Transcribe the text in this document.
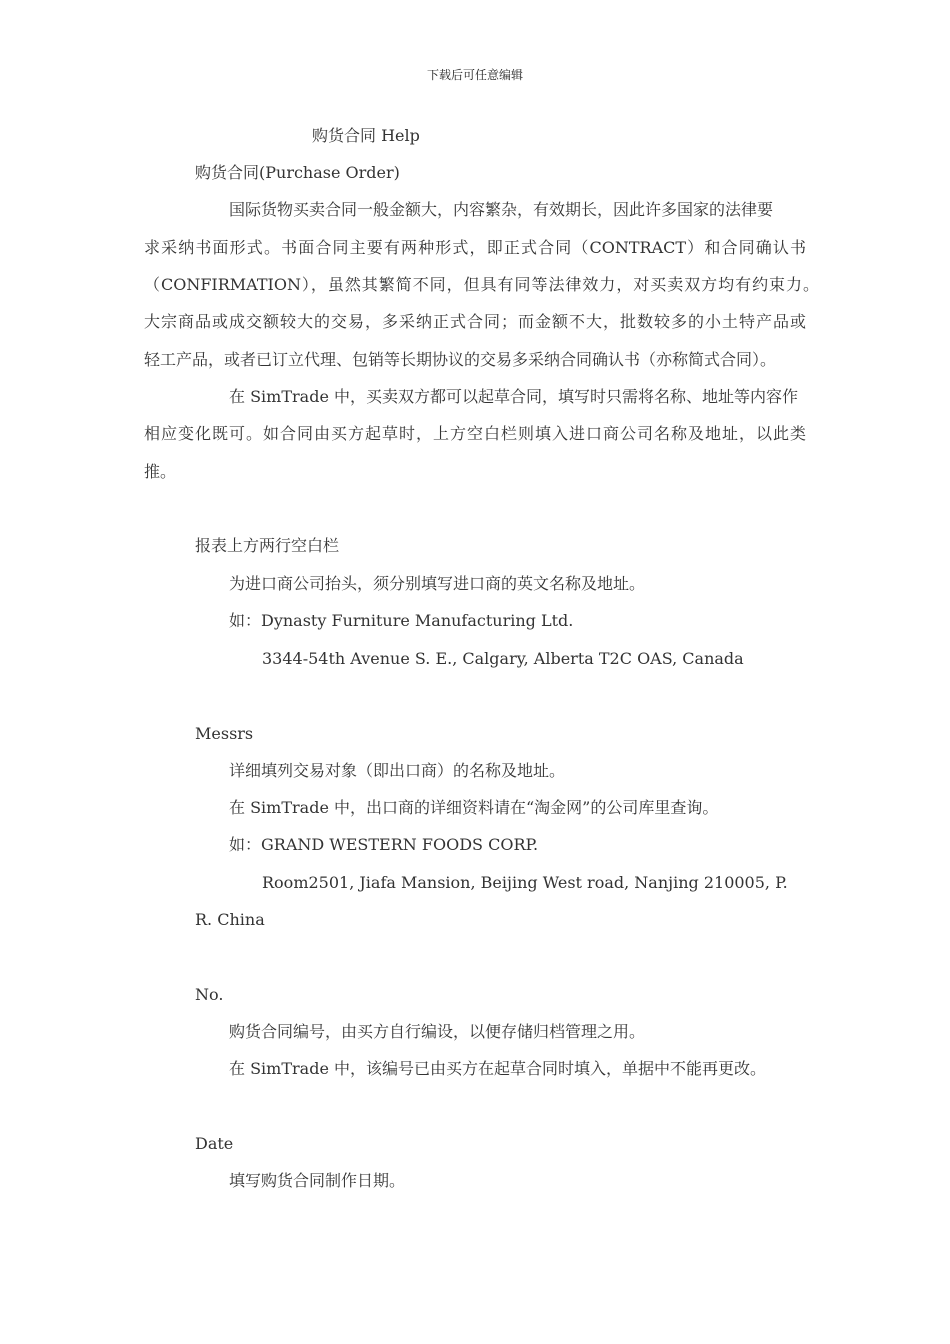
下载后可任意编辑
购货合同 Help
购货合同(Purchase Order)
国际货物买卖合同一般金额大，内容繁杂，有效期长，因此许多国家的法律要
求采纳书面形式。书面合同主要有两种形式，即正式合同（CONTRACT）和合同确认书
（CONFIRMATION），虽然其繁简不同，但具有同等法律效力，对买卖双方均有约束力。
大宗商品或成交额较大的交易，多采纳正式合同；而金额不大，批数较多的小土特产品或
轻工产品，或者已订立代理、包销等长期协议的交易多采纳合同确认书（亦称简式合同）。
在 SimTrade 中，买卖双方都可以起草合同，填写时只需将名称、地址等内容作
相应变化既可。如合同由买方起草时，上方空白栏则填入进口商公司名称及地址，以此类
推。
报表上方两行空白栏
为进口商公司抬头，须分别填写进口商的英文名称及地址。
如：Dynasty Furniture Manufacturing Ltd.
3344-54th Avenue S. E., Calgary, Alberta T2C OAS, Canada
Messrs
详细填列交易对象（即出口商）的名称及地址。
在 SimTrade 中，出口商的详细资料请在“淘金网”的公司库里查询。
如：GRAND WESTERN FOODS CORP.
Room2501, Jiafa Mansion, Beijing West road, Nanjing 210005, P.
R. China
No.
购货合同编号，由买方自行编设，以便存储归档管理之用。
在 SimTrade 中，该编号已由买方在起草合同时填入，单据中不能再更改。
Date
填写购货合同制作日期。
